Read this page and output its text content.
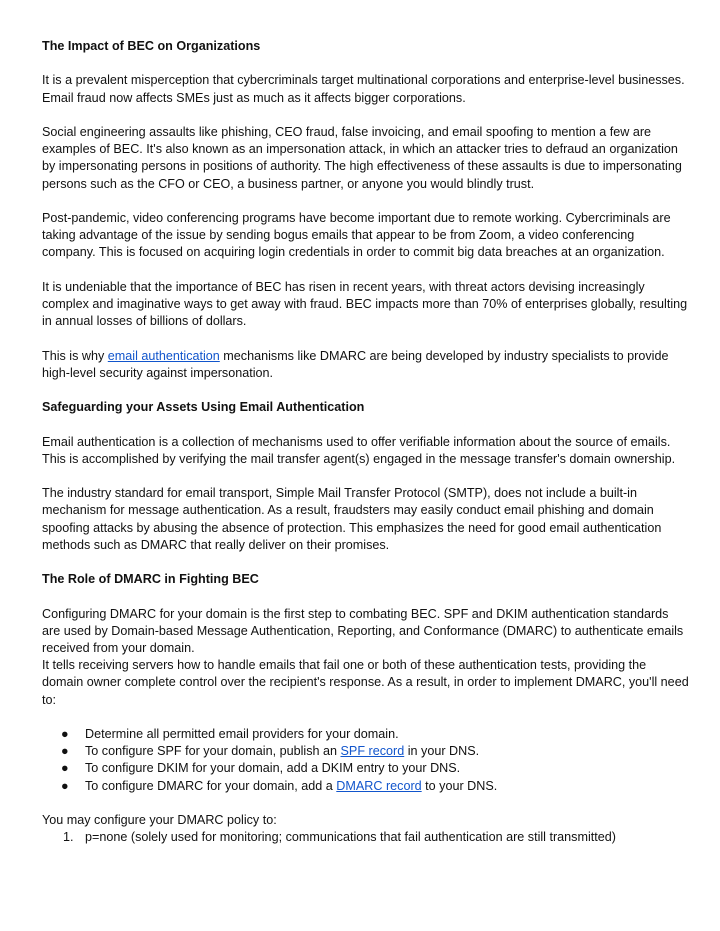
The Impact of BEC on Organizations

It is a prevalent misperception that cybercriminals target multinational corporations and enterprise-level businesses. Email fraud now affects SMEs just as much as it affects bigger corporations.

Social engineering assaults like phishing, CEO fraud, false invoicing, and email spoofing to mention a few are examples of BEC. It's also known as an impersonation attack, in which an attacker tries to defraud an organization by impersonating persons in positions of authority. The high effectiveness of these assaults is due to impersonating persons such as the CFO or CEO, a business partner, or anyone you would blindly trust.

Post-pandemic, video conferencing programs have become important due to remote working. Cybercriminals are taking advantage of the issue by sending bogus emails that appear to be from Zoom, a video conferencing company. This is focused on acquiring login credentials in order to commit big data breaches at an organization.

It is undeniable that the importance of BEC has risen in recent years, with threat actors devising increasingly complex and imaginative ways to get away with fraud. BEC impacts more than 70% of enterprises globally, resulting in annual losses of billions of dollars.

This is why email authentication mechanisms like DMARC are being developed by industry specialists to provide high-level security against impersonation.

Safeguarding your Assets Using Email Authentication

Email authentication is a collection of mechanisms used to offer verifiable information about the source of emails. This is accomplished by verifying the mail transfer agent(s) engaged in the message transfer's domain ownership.

The industry standard for email transport, Simple Mail Transfer Protocol (SMTP), does not include a built-in mechanism for message authentication. As a result, fraudsters may easily conduct email phishing and domain spoofing attacks by abusing the absence of protection. This emphasizes the need for good email authentication methods such as DMARC that really deliver on their promises.

The Role of DMARC in Fighting BEC

Configuring DMARC for your domain is the first step to combating BEC. SPF and DKIM authentication standards are used by Domain-based Message Authentication, Reporting, and Conformance (DMARC) to authenticate emails received from your domain.

It tells receiving servers how to handle emails that fail one or both of these authentication tests, providing the domain owner complete control over the recipient's response. As a result, in order to implement DMARC, you'll need to:

● Determine all permitted email providers for your domain.
● To configure SPF for your domain, publish an SPF record in your DNS.
● To configure DKIM for your domain, add a DKIM entry to your DNS.
● To configure DMARC for your domain, add a DMARC record to your DNS.

You may configure your DMARC policy to:

1. p=none (solely used for monitoring; communications that fail authentication are still transmitted)
